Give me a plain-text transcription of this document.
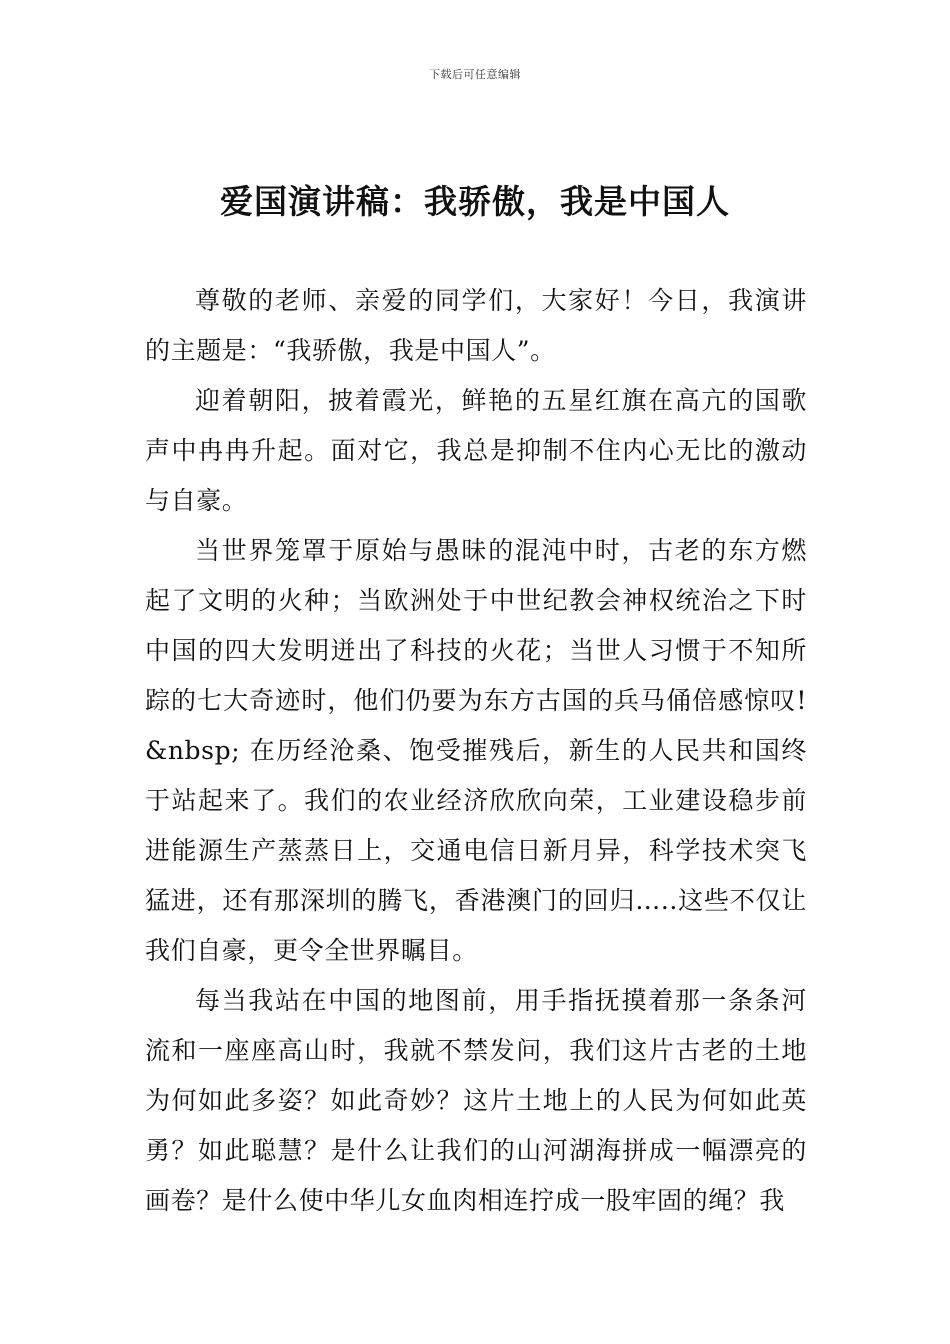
下载后可任意编辑
爱国演讲稿：我骄傲，我是中国人

尊敬的老师、亲爱的同学们，大家好！今日，我演讲的主题是：“我骄傲，我是中国人”。

迎着朝阳，披着霞光，鲜艳的五星红旗在高亢的国歌声中冉冉升起。面对它，我总是抑制不住内心无比的激动与自豪。

当世界笼罩于原始与愚昧的混沌中时，古老的东方燃起了文明的火种；当欧洲处于中世纪教会神权统治之下时中国的四大发明迸出了科技的火花；当世人习惯于不知所踪的七大奇迹时，他们仍要为东方古国的兵马俑倍感惊叹!&nbsp; 在历经沧桑、饱受摧残后，新生的人民共和国终于站起来了。我们的农业经济欣欣向荣，工业建设稳步前进能源生产蒸蒸日上，交通电信日新月异，科学技术突飞猛进，还有那深圳的腾飞，香港澳门的回归…..这些不仅让我们自豪，更令全世界瞩目。

每当我站在中国的地图前，用手指抚摸着那一条条河流和一座座高山时，我就不禁发问，我们这片古老的土地为何如此多姿？如此奇妙？这片土地上的人民为何如此英勇？如此聪慧？是什么让我们的山河湖海拼成一幅漂亮的画卷？是什么使中华儿女血肉相连拧成一股牢固的绳？我
